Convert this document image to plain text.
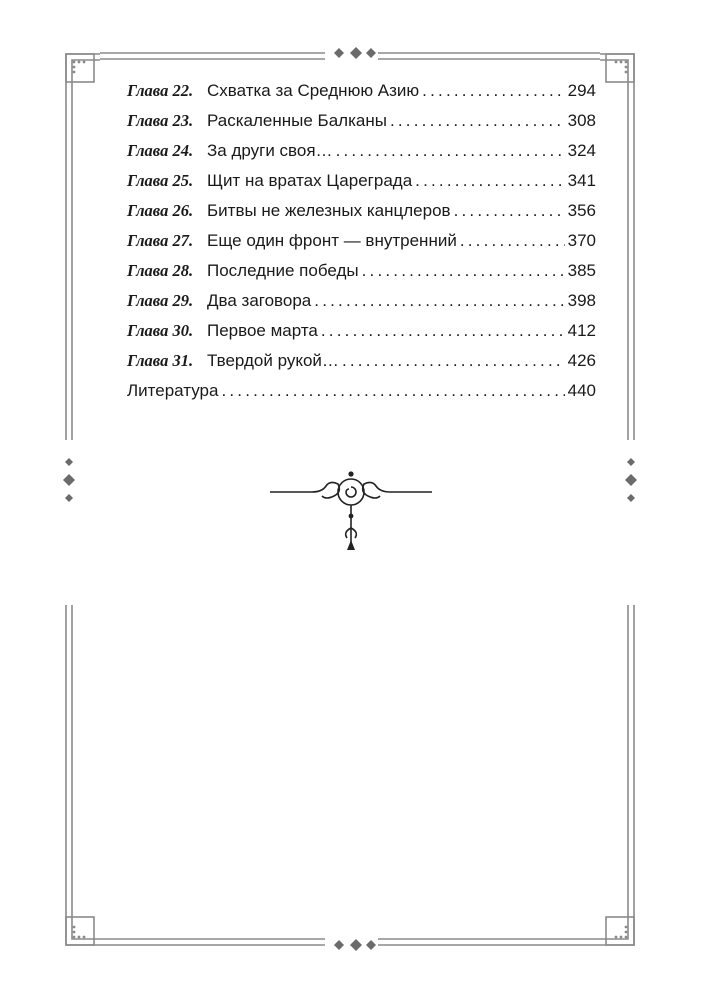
Глава 22. Схватка за Среднюю Азию .....	294
Глава 23. Раскаленные Балканы .....	308
Глава 24. За други своя… .....	324
Глава 25. Щит на вратах Цареграда .....	341
Глава 26. Битвы не железных канцлеров .....	356
Глава 27. Еще один фронт — внутренний .....	370
Глава 28. Последние победы .....	385
Глава 29. Два заговора .....	398
Глава 30. Первое марта .....	412
Глава 31. Твердой рукой… .....	426
Литература .....	440
